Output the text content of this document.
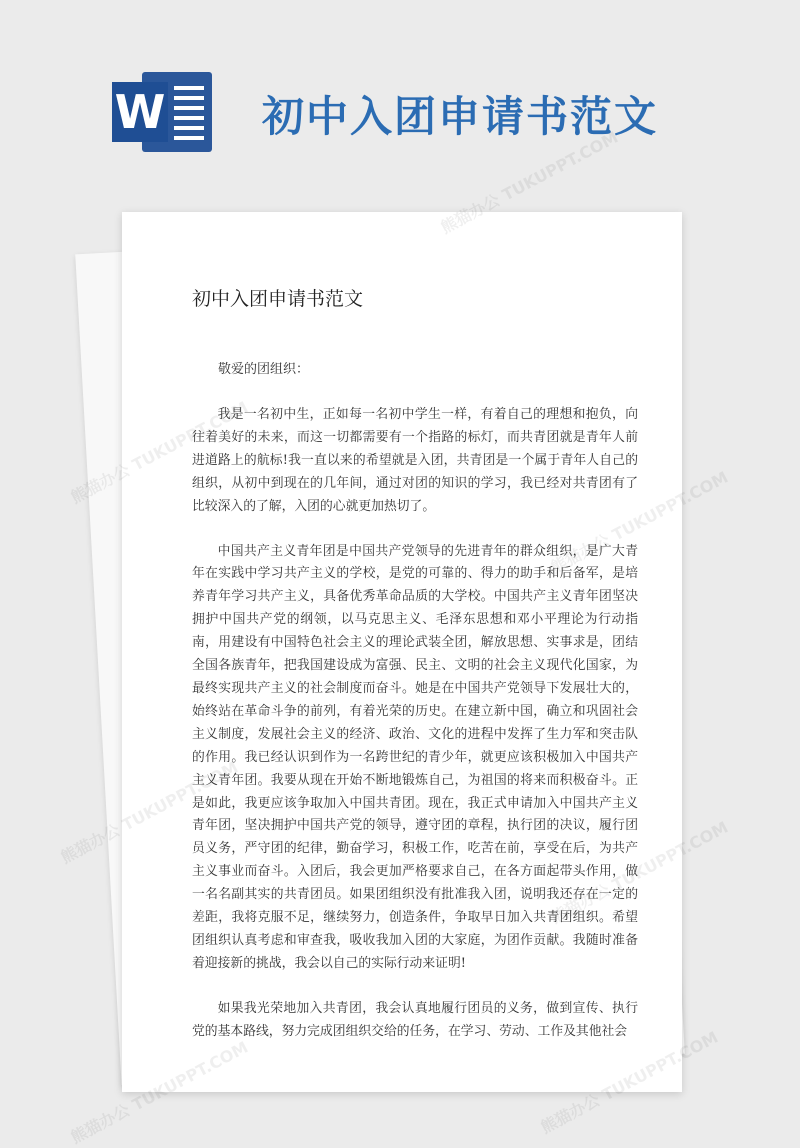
W 初中入团申请书范文
初中入团申请书范文

敬爱的团组织：

我是一名初中生，正如每一名初中学生一样，有着自己的理想和抱负，向往着美好的未来，而这一切都需要有一个指路的标灯，而共青团就是青年人前进道路上的航标!我一直以来的希望就是入团，共青团是一个属于青年人自己的组织，从初中到现在的几年间，通过对团的知识的学习，我已经对共青团有了比较深入的了解，入团的心就更加热切了。

中国共产主义青年团是中国共产党领导的先进青年的群众组织，是广大青年在实践中学习共产主义的学校，是党的可靠的、得力的助手和后备军，是培养青年学习共产主义，具备优秀革命品质的大学校。中国共产主义青年团坚决拥护中国共产党的纲领，以马克思主义、毛泽东思想和邓小平理论为行动指南，用建设有中国特色社会主义的理论武装全团，解放思想、实事求是，团结全国各族青年，把我国建设成为富强、民主、文明的社会主义现代化国家，为最终实现共产主义的社会制度而奋斗。她是在中国共产党领导下发展壮大的，始终站在革命斗争的前列，有着光荣的历史。在建立新中国，确立和巩固社会主义制度，发展社会主义的经济、政治、文化的进程中发挥了生力军和突击队的作用。我已经认识到作为一名跨世纪的青少年，就更应该积极加入中国共产主义青年团。我要从现在开始不断地锻炼自己，为祖国的将来而积极奋斗。正是如此，我更应该争取加入中国共青团。现在，我正式申请加入中国共产主义青年团，坚决拥护中国共产党的领导，遵守团的章程，执行团的决议，履行团员义务，严守团的纪律，勤奋学习，积极工作，吃苦在前，享受在后，为共产主义事业而奋斗。入团后，我会更加严格要求自己，在各方面起带头作用，做一名名副其实的共青团员。如果团组织没有批准我入团，说明我还存在一定的差距，我将克服不足，继续努力，创造条件，争取早日加入共青团组织。希望团组织认真考虑和审查我，吸收我加入团的大家庭，为团作贡献。我随时准备着迎接新的挑战，我会以自己的实际行动来证明!

如果我光荣地加入共青团，我会认真地履行团员的义务，做到宣传、执行党的基本路线，努力完成团组织交给的任务，在学习、劳动、工作及其他社会

熊猫办公 TUKUPPT.COM
熊猫办公
熊猫办公 TUKUPPT.COM	熊猫办公
